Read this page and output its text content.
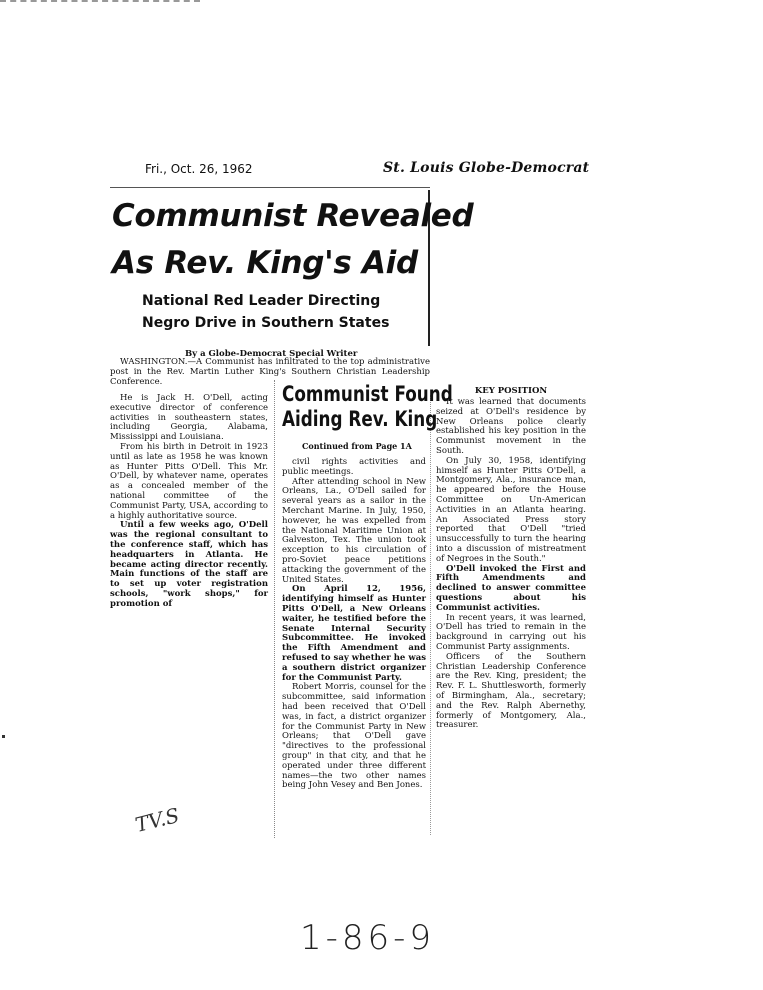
Fri., Oct. 26, 1962	St. Louis Globe-Democrat
Communist Revealed
As Rev. King's Aid
National Red Leader Directing
Negro Drive in Southern States
By a Globe-Democrat Special Writer

WASHINGTON.—A Communist has infiltrated to the top administrative post in the Rev. Martin Luther King's Southern Christian Leadership Conference.

He is Jack H. O'Dell, acting executive director of conference activities in southeastern states, including Georgia, Alabama, Mississippi and Louisiana.

From his birth in Detroit in 1923 until as late as 1958 he was known as Hunter Pitts O'Dell. This Mr. O'Dell, by whatever name, operates as a concealed member of the national committee of the Communist Party, USA, according to a highly authoritative source.

Until a few weeks ago, O'Dell was the regional consultant to the conference staff, which has headquarters in Atlanta. He became acting director recently. Main functions of the staff are to set up voter registration schools, "work shops," for promotion of

Communist Found
Aiding Rev. King
Continued from Page 1A

civil rights activities and public meetings.

After attending school in New Orleans, La., O'Dell sailed for several years as a sailor in the Merchant Marine. In July, 1950, however, he was expelled from the National Maritime Union at Galveston, Tex. The union took exception to his circulation of pro-Soviet peace petitions attacking the government of the United States.

On April 12, 1956, identifying himself as Hunter Pitts O'Dell, a New Orleans waiter, he testified before the Senate Internal Security Subcommittee. He invoked the Fifth Amendment and refused to say whether he was a southern district organizer for the Communist Party.

Robert Morris, counsel for the subcommittee, said information had been received that O'Dell was, in fact, a district organizer for the Communist Party in New Orleans; that O'Dell gave "directives to the professional group" in that city, and that he operated under three different names—the two other names being John Vesey and Ben Jones.

KEY POSITION

It was learned that documents seized at O'Dell's residence by New Orleans police clearly established his key position in the Communist movement in the South.

On July 30, 1958, identifying himself as Hunter Pitts O'Dell, a Montgomery, Ala., insurance man, he appeared before the House Committee on Un-American Activities in an Atlanta hearing. An Associated Press story reported that O'Dell "tried unsuccessfully to turn the hearing into a discussion of mistreatment of Negroes in the South."

O'Dell invoked the First and Fifth Amendments and declined to answer committee questions about his Communist activities.

In recent years, it was learned, O'Dell has tried to remain in the background in carrying out his Communist Party assignments.

Officers of the Southern Christian Leadership Conference are the Rev. King, president; the Rev. F. L. Shuttlesworth, formerly of Birmingham, Ala., secretary; and the Rev. Ralph Abernethy, formerly of Montgomery, Ala., treasurer.

TV.S
1-86-9
